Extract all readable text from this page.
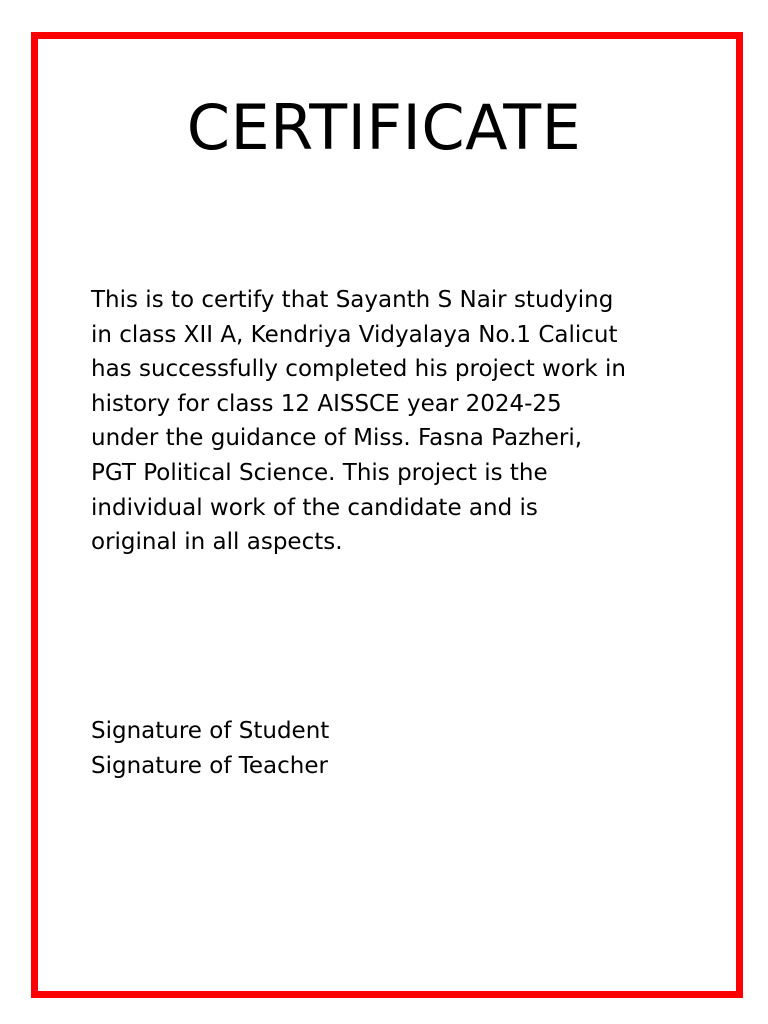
CERTIFICATE
This is to certify that Sayanth S Nair studying
in class XII A, Kendriya Vidyalaya No.1 Calicut
has successfully completed his project work in
history for class 12 AISSCE year 2024-25
under the guidance of Miss. Fasna Pazheri,
PGT Political Science. This project is the
individual work of the candidate and is
original in all aspects.
Signature of Student
Signature of Teacher
